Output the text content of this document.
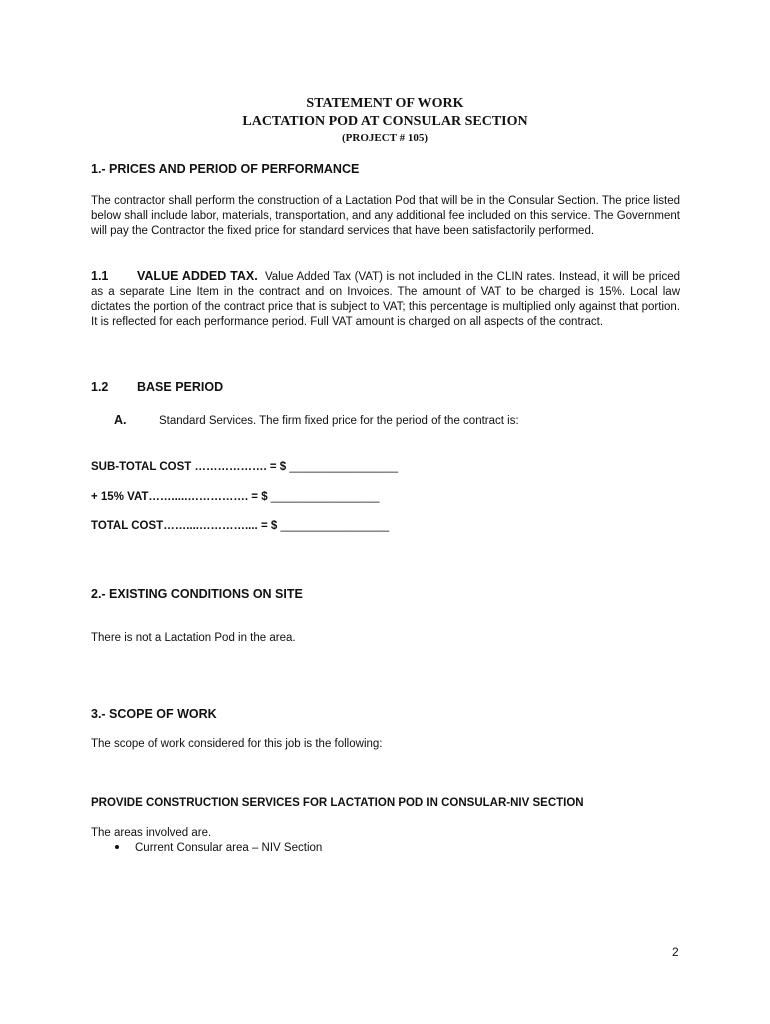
STATEMENT OF WORK
LACTATION POD AT CONSULAR SECTION
(PROJECT # 105)
1.- PRICES AND PERIOD OF PERFORMANCE
The contractor shall perform the construction of a Lactation Pod that will be in the Consular Section. The price listed below shall include labor, materials, transportation, and any additional fee included on this service. The Government will pay the Contractor the fixed price for standard services that have been satisfactorily performed.
1.1 VALUE ADDED TAX. Value Added Tax (VAT) is not included in the CLIN rates. Instead, it will be priced as a separate Line Item in the contract and on Invoices. The amount of VAT to be charged is 15%. Local law dictates the portion of the contract price that is subject to VAT; this percentage is multiplied only against that portion. It is reflected for each performance period. Full VAT amount is charged on all aspects of the contract.
1.2 BASE PERIOD
A.	Standard Services. The firm fixed price for the period of the contract is:
SUB-TOTAL COST ………………. = $ _________________
+ 15% VAT…….....……………. = $ _________________
TOTAL COST……....………….... = $ _________________
2.- EXISTING CONDITIONS ON SITE
There is not a Lactation Pod in the area.
3.- SCOPE OF WORK
The scope of work considered for this job is the following:
PROVIDE CONSTRUCTION SERVICES FOR LACTATION POD IN CONSULAR-NIV SECTION
The areas involved are.
Current Consular area – NIV Section
2
